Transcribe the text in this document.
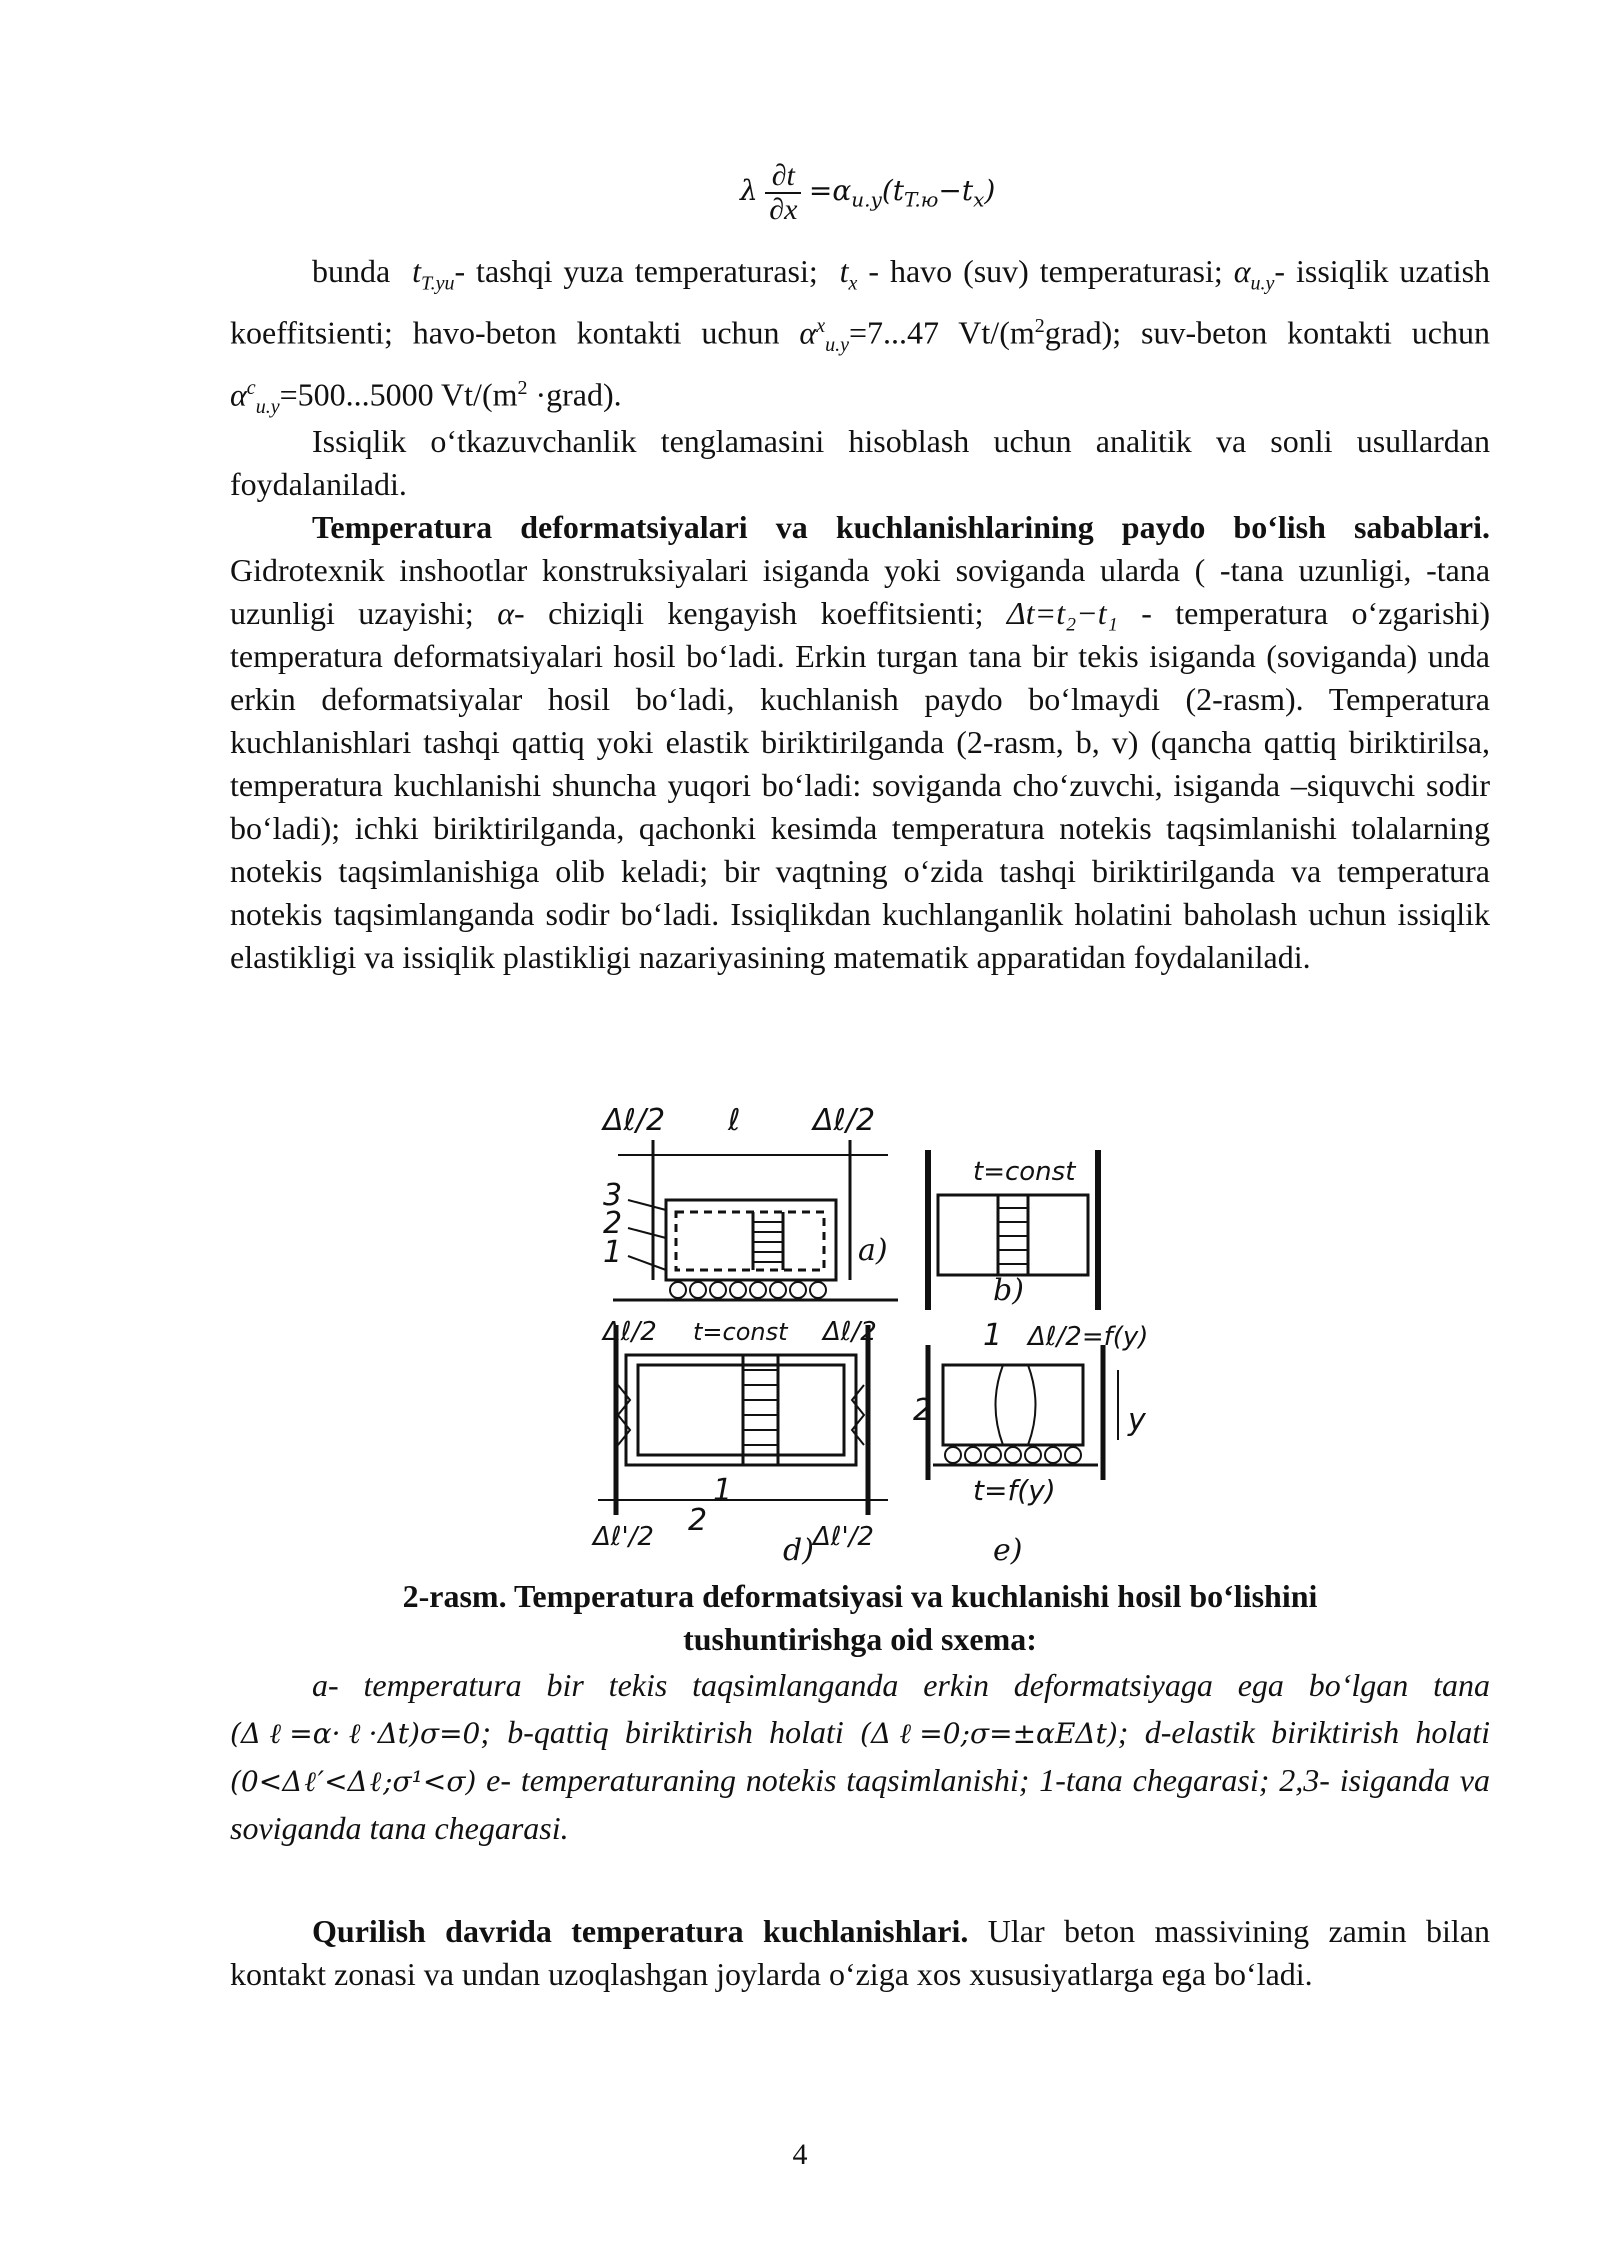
λ $\frac{\partial t}{\partial x} =\alpha_{u.y}(t_{T.ю}-t_x)$
bunda $t_{T.yu}-$ tashqi yuza temperaturasi; $t_x$ - havo (suv) temperaturasi; $\alpha_{u.y}-$ issiqlik uzatish koeffitsienti; havo-beton kontakti uchun $\alpha^x_{u.y}=7...47$ $Vt/(m^2grad)$; suv-beton kontakti uchun $\alpha^c_{u.y}=500...5000$ $Vt/(m^2$ ·grad).
Issiqlik o‘tkazuvchanlik tenglamasini hisoblash uchun analitik va sonli usullardan foydalaniladi.
Temperatura deformatsiyalari va kuchlanishlarining paydo bo‘lish sabablari. Gidrotexnik inshootlar konstruksiyalari isiganda yoki soviganda ularda ( -tana uzunligi, -tana uzunligi uzayishi; α- chiziqli kengayish koeffitsienti; Δt=t₂−t₁ - temperatura o‘zgarishi) temperatura deformatsiyalari hosil bo‘ladi. Erkin turgan tana bir tekis isiganda (soviganda) unda erkin deformatsiyalar hosil bo‘ladi, kuchlanish paydo bo‘lmaydi (2-rasm). Temperatura kuchlanishlari tashqi qattiq yoki elastik biriktirilganda (2-rasm, b, v) (qancha qattiq biriktirilsa, temperatura kuchlanishi shuncha yuqori bo‘ladi: soviganda cho‘zuvchi, isiganda –siquvchi sodir bo‘ladi); ichki biriktirilganda, qachonki kesimda temperatura notekis taqsimlanishi tolalarning notekis taqsimlanishiga olib keladi; bir vaqtning o‘zida tashqi biriktirilganda va temperatura notekis taqsimlanganda sodir bo‘ladi. Issiqlikdan kuchlanganlik holatini baholash uchun issiqlik elastikligi va issiqlik plastikligi nazariyasining matematik apparatidan foydalaniladi.
Δℓ/2 ℓ Δℓ/2
3
2
1	a)
t=const
b)
Δℓ/2 t=const Δℓ/2
Δℓ'/2 2
1
d) Δℓ'/2
1 Δℓ/2=f(y)
2	y
t=f(y)
e)
2-rasm. Temperatura deformatsiyasi va kuchlanishi hosil bo‘lishini
tushuntirishga oid sxema:
a- temperatura bir tekis taqsimlanganda erkin deformatsiyaga ega bo‘lgan tana (Δℓ=α·ℓ·Δt)σ=0; b-qattiq biriktirish holati (Δℓ=0;σ=±αEΔt); d-elastik biriktirish holati (0<Δℓ′<Δℓ;σ¹<σ) e- temperaturaning notekis taqsimlanishi; 1-tana chegarasi; 2,3- isiganda va soviganda tana chegarasi.
Qurilish davrida temperatura kuchlanishlari. Ular beton massivining zamin bilan kontakt zonasi va undan uzoqlashgan joylarda o‘ziga xos xususiyatlarga ega bo‘ladi.
4
